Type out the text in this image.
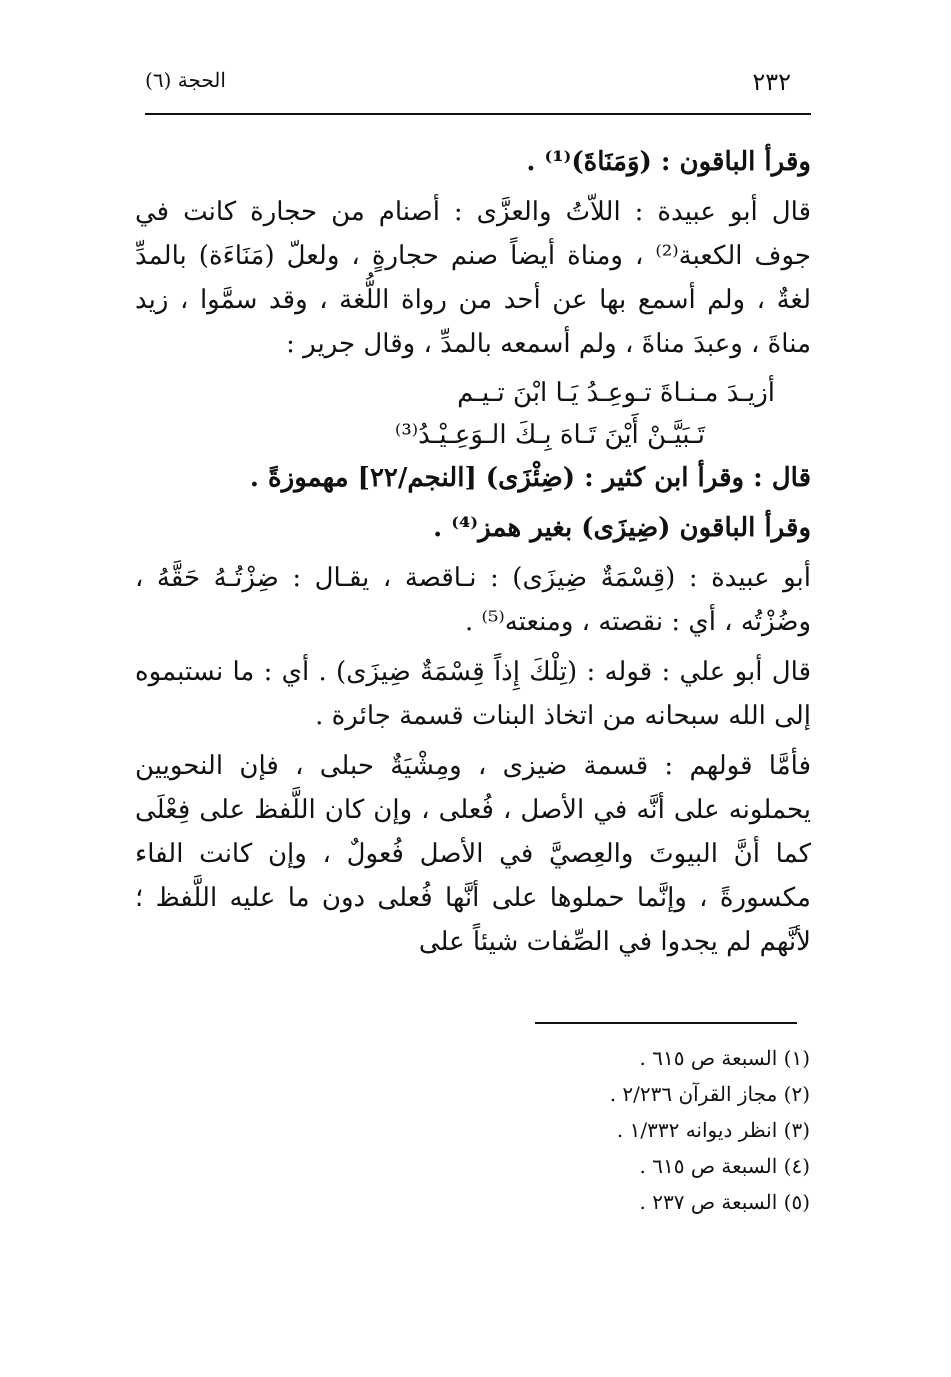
٢٣٢
الحجة (٦)

وقرأ الباقون : (وَمَنَاةَ)⁽¹⁾ .

قال أبو عبيدة : اللاّتُ والعزَّى : أصنام من حجارة كانت في جوف الكعبة⁽²⁾ ، ومناة أيضاً صنم حجارةٍ ، ولعلّ (مَنَاءَة) بالمدِّ لغةٌ ، ولم أسمع بها عن أحد من رواة اللُّغة ، وقد سمَّوا ، زيد مناةَ ، وعبدَ مناةَ ، ولم أسمعه بالمدِّ ، وقال جرير :

أزيـدَ مـنـاةَ تـوعِـدُ يَـا ابْنَ تـيـم
تَـبَيَّـنْ أَيْنَ تَـاهَ بِـكَ الـوَعِـيْـدُ⁽³⁾

قال : وقرأ ابن كثير : (ضِئْزَى) [النجم/٢٢] مهموزةً .

وقرأ الباقون (ضِيزَى) بغير همز⁽⁴⁾ .

أبو عبيدة : (قِسْمَةٌ ضِيزَى) : نـاقصة ، يقـال : ضِزْتُـهُ حَقَّهُ ، وضُزْتُه ، أي : نقصته ، ومنعته⁽⁵⁾ .

قال أبو علي : قوله : (تِلْكَ إِذاً قِسْمَةٌ ضِيزَى) . أي : ما نستبموه إلى الله سبحانه من اتخاذ البنات قسمة جائرة .

فأمَّا قولهم : قسمة ضيزى ، ومِشْيَةٌ حبلى ، فإن النحويين يحملونه على أنَّه في الأصل ، فُعلى ، وإن كان اللَّفظ على فِعْلَى كما أنَّ البيوتَ والعِصيَّ في الأصل فُعولٌ ، وإن كانت الفاء مكسورةً ، وإنَّما حملوها على أنَّها فُعلى دون ما عليه اللَّفظ ؛ لأنَّهم لم يجدوا في الصِّفات شيئاً على

(١) السبعة ص ٦١٥ .
(٢) مجاز القرآن ٢/٢٣٦ .
(٣) انظر ديوانه ١/٣٣٢ .
(٤) السبعة ص ٦١٥ .
(٥) السبعة ص ٢٣٧ .
